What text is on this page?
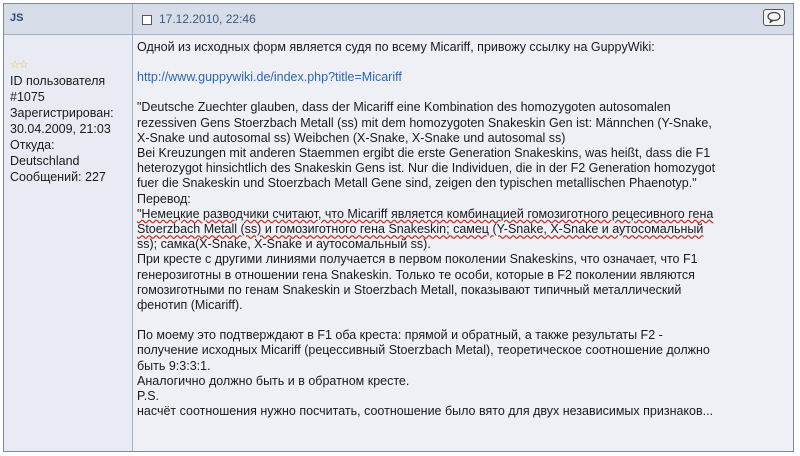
JS	17.12.2010, 22:46
☆☆
ID пользователя
#1075
Зарегистрирован:
30.04.2009, 21:03
Откуда:
Deutschland
Сообщений: 227

Одной из исходных форм является судя по всему Micariff, привожу ссылку на GuppyWiki:

http://www.guppywiki.de/index.php?title=Micariff

"Deutsche Zuechter glauben, dass der Micariff eine Kombination des homozygoten autosomalen

rezessiven Gens Stoerzbach Metall (ss) mit dem homozygoten Snakeskin Gen ist: Männchen (Y-Snake,

X-Snake und autosomal ss) Weibchen (X-Snake, X-Snake und autosomal ss)

Bei Kreuzungen mit anderen Staemmen ergibt die erste Generation Snakeskins, was heißt, dass die F1

heterozygot hinsichtlich des Snakeskin Gens ist. Nur die Individuen, die in der F2 Generation homozygot

fuer die Snakeskin und Stoerzbach Metall Gene sind, zeigen den typischen metallischen Phaenotyp."

Перевод:

"Немецкие разводчики считают, что Micariff является комбинацией гомозиготного рецесивного гена

Stoerzbach Metall (ss) и гомозиготного гена Snakeskin; самец (Y-Snake, X-Snake и аутосомальный

ss); самка(X-Snake, X-Snake и аутосомальный ss).

При кресте с другими линиями получается в первом поколении Snakeskins, что означает, что F1

генерозиготны в отношении гена Snakeskin. Только те особи, которые в F2 поколении являются

гомозиготными по генам Snakeskin и Stoerzbach Metall, показывают типичный металлический

фенотип (Micariff).

По моему это подтверждают в F1 оба креста: прямой и обратный, а также результаты F2 -

получение исходных Micariff (рецессивный Stoerzbach Metal), теоретическое соотношение должно

быть 9:3:3:1.

Аналогично должно быть и в обратном кресте.

P.S.

насчёт соотношения нужно посчитать, соотношение было вято для двух независимых признаков...
